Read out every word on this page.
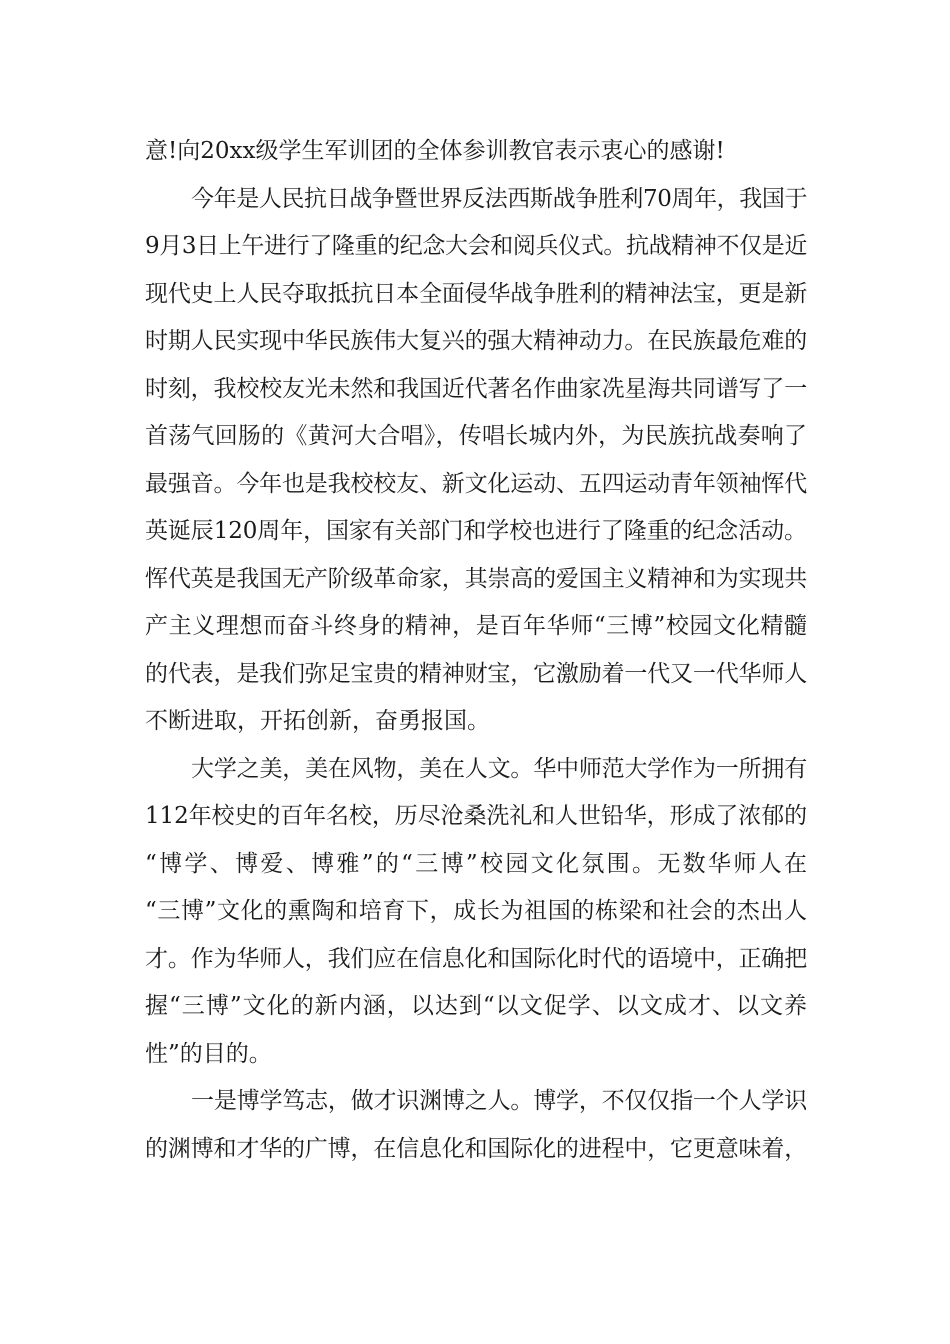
意!向20xx级学生军训团的全体参训教官表示衷心的感谢!
今年是人民抗日战争暨世界反法西斯战争胜利70周年，我国于
9月3日上午进行了隆重的纪念大会和阅兵仪式。抗战精神不仅是近
现代史上人民夺取抵抗日本全面侵华战争胜利的精神法宝，更是新
时期人民实现中华民族伟大复兴的强大精神动力。在民族最危难的
时刻，我校校友光未然和我国近代著名作曲家冼星海共同谱写了一
首荡气回肠的《黄河大合唱》，传唱长城内外，为民族抗战奏响了
最强音。今年也是我校校友、新文化运动、五四运动青年领袖恽代
英诞辰120周年，国家有关部门和学校也进行了隆重的纪念活动。
恽代英是我国无产阶级革命家，其崇高的爱国主义精神和为实现共
产主义理想而奋斗终身的精神，是百年华师“三博”校园文化精髓
的代表，是我们弥足宝贵的精神财宝，它激励着一代又一代华师人
不断进取，开拓创新，奋勇报国。
大学之美，美在风物，美在人文。华中师范大学作为一所拥有
112年校史的百年名校，历尽沧桑洗礼和人世铅华，形成了浓郁的
“博学、博爱、博雅”的“三博”校园文化氛围。无数华师人在
“三博”文化的熏陶和培育下，成长为祖国的栋梁和社会的杰出人
才。作为华师人，我们应在信息化和国际化时代的语境中，正确把
握“三博”文化的新内涵，以达到“以文促学、以文成才、以文养
性”的目的。
一是博学笃志，做才识渊博之人。博学，不仅仅指一个人学识
的渊博和才华的广博，在信息化和国际化的进程中，它更意味着，
